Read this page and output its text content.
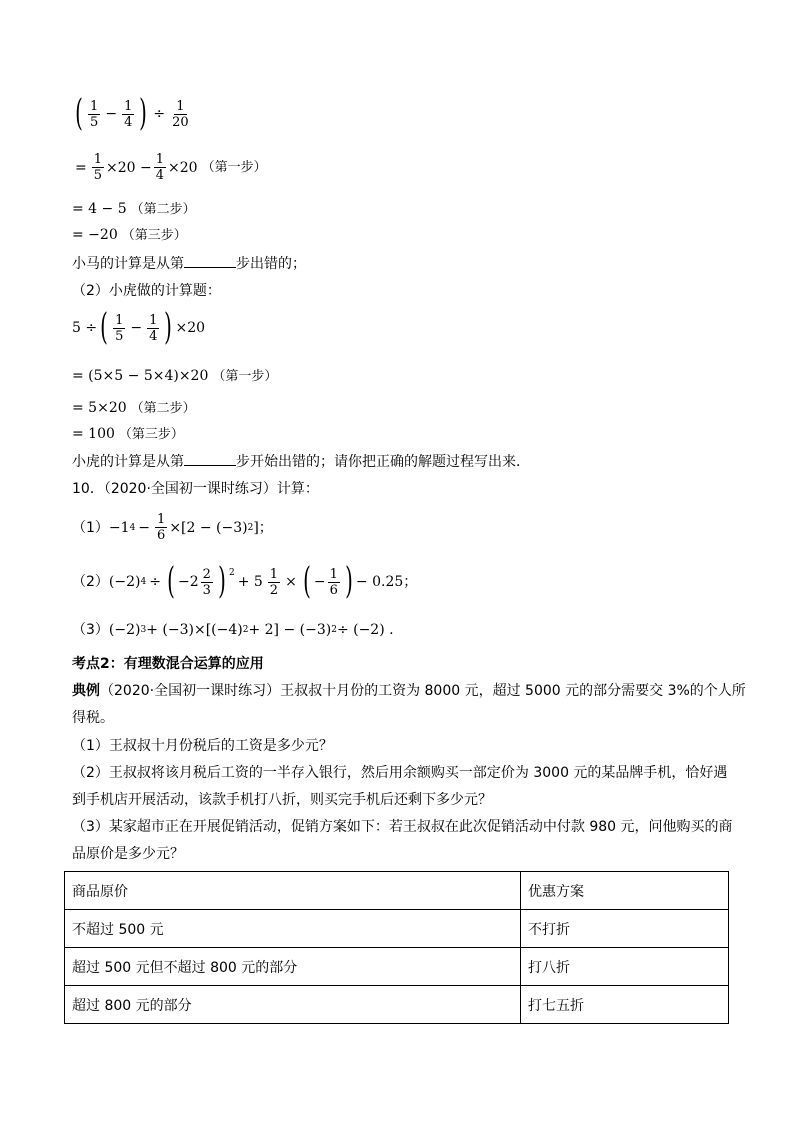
( $\frac{1}{5} - \frac{1}{4}$ ) ÷ $\frac{1}{20}$
= $\frac{1}{5} \times 20 - \frac{1}{4} \times 20$ （第一步）
= 4 − 5 （第二步）
= −20 （第三步）
小马的计算是从第	步出错的；
（2）小虎做的计算题：
5 ÷ ( $\frac{1}{5} - \frac{1}{4}$ ) ×20
= (5×5 − 5×4)×20 （第一步）
= 5×20 （第二步）
= 100 （第三步）
小虎的计算是从第	步开始出错的；请你把正确的解题过程写出来．
10．（2020·全国初一课时练习）计算：
（1） −1 $4 - \frac{1}{6} \times[2 - (-3)$ 2 ]；
（2） (−2) 4 ÷ ( $-2 \frac{2}{3}$ ) $^2$
+ $5 \frac{1}{2}$ × ( − $\frac{1}{6}$ ) − 0.25；
（3） (−2) 3 + (−3)×[(−4) 2 + 2] − (−3) 2 ÷ (−2) .
考点2：有理数混合运算的应用
典例（2020·全国初一课时练习）王叔叔十月份的工资为 8000 元，超过 5000 元的部分需要交 3%的个人所
得税。
（1）王叔叔十月份税后的工资是多少元？
（2）王叔叔将该月税后工资的一半存入银行，然后用余额购买一部定价为 3000 元的某品牌手机，恰好遇
到手机店开展活动，该款手机打八折，则买完手机后还剩下多少元？
（3）某家超市正在开展促销活动，促销方案如下：若王叔叔在此次促销活动中付款 980 元，问他购买的商
品原价是多少元？
商品原价	优惠方案
不超过 500 元	不打折
超过 500 元但不超过 800 元的部分	打八折
超过 800 元的部分	打七五折
